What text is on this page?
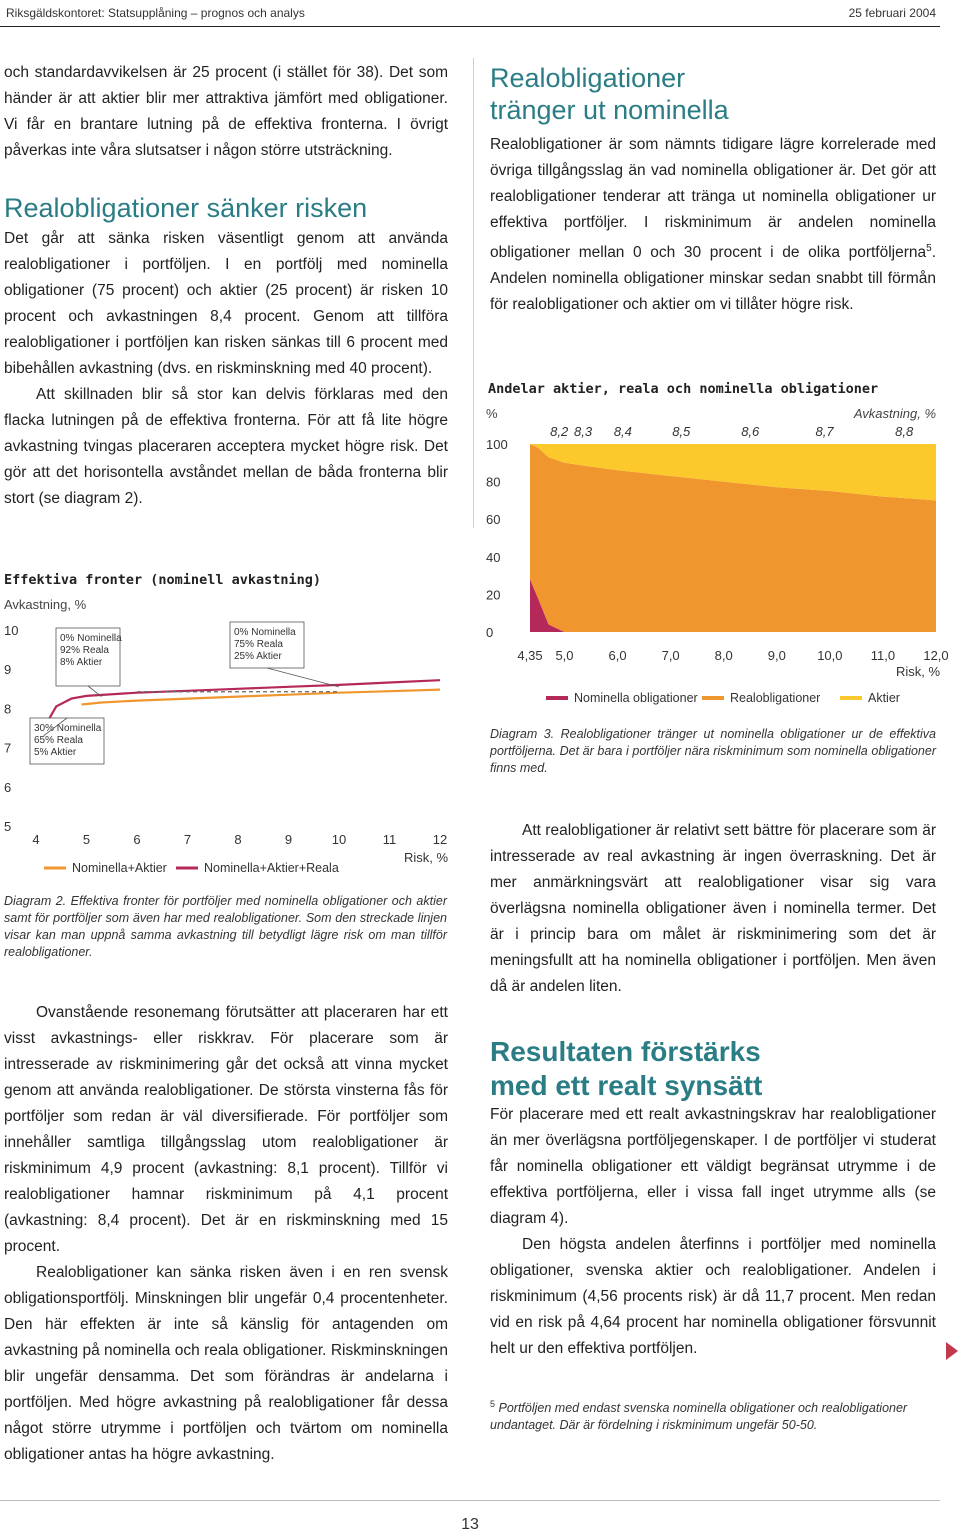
Riksgäldskontoret: Statsupplåning – prognos och analys	25 februari 2004

och standardavvikelsen är 25 procent (i stället för 38). Det som händer är att aktier blir mer attraktiva jämfört med obligationer. Vi får en brantare lutning på de effektiva fronterna. I övrigt påverkas inte våra slutsatser i någon större utsträckning.

Realobligationer sänker risken

Det går att sänka risken väsentligt genom att använda realobligationer i portföljen. I en portfölj med nominella obligationer (75 procent) och aktier (25 procent) är risken 10 procent och avkastningen 8,4 procent. Genom att tillföra realobligationer i portföljen kan risken sänkas till 6 procent med bibehållen avkastning (dvs. en riskminskning med 40 procent).

Att skillnaden blir så stor kan delvis förklaras med den flacka lutningen på de effektiva fronterna. För att få lite högre avkastning tvingas placeraren acceptera mycket högre risk. Det gör att det horisontella avståndet mellan de båda fronterna blir stort (se diagram 2).

Effektiva fronter (nominell avkastning)
Avkastning, %
5
6
7
8
9
10
4	5	6	7	8	9	10	11	12
Risk, %
0% Nominella
92% Reala
8% Aktier
0% Nominella
75% Reala
25% Aktier
30% Nominella
65% Reala
5% Aktier
Nominella+Aktier	Nominella+Aktier+Reala
Diagram 2. Effektiva fronter för portföljer med nominella obligationer och aktier samt för portföljer som även har med realobligationer. Som den streckade linjen visar kan man uppnå samma avkastning till betydligt lägre risk om man tillför realobligationer.

Ovanstående resonemang förutsätter att placeraren har ett visst avkastnings- eller riskkrav. För placerare som är intresserade av riskminimering går det också att vinna mycket genom att använda realobligationer. De största vinsterna fås för portföljer som redan är väl diversifierade. För portföljer som innehåller samtliga tillgångsslag utom realobligationer är riskminimum 4,9 procent (avkastning: 8,1 procent). Tillför vi realobligationer hamnar riskminimum på 4,1 procent (avkastning: 8,4 procent). Det är en riskminskning med 15 procent.

Realobligationer kan sänka risken även i en ren svensk obligationsportfölj. Minskningen blir ungefär 0,4 procentenheter. Den här effekten är inte så känslig för antagenden om avkastning på nominella och reala obligationer. Riskminskningen blir ungefär densamma. Det som förändras är andelarna i portföljen. Med högre avkastning på realobligationer får dessa något större utrymme i portföljen och tvärtom om nominella obligationer antas ha högre avkastning.

Realobligationer
tränger ut nominella

Realobligationer är som nämnts tidigare lägre korrelerade med övriga tillgångsslag än vad nominella obligationer är. Det gör att realobligationer tenderar att tränga ut nominella obligationer ur effektiva portföljer. I riskminimum är andelen nominella obligationer mellan 0 och 30 procent i de olika portföljerna$^5$. Andelen nominella obligationer minskar sedan snabbt till förmån för realobligationer och aktier om vi tillåter högre risk.

Andelar aktier, reala och nominella obligationer
%	Avkastning, %
0
20
40
60
80
100
4,35 5,0	6,0	7,0	8,0	9,0 10,0 11,0 12,0
Risk, %
8,2 8,3 8,4	8,5	8,6	8,7	8,8
Nominella obligationer	Realobligationer	Aktier
Diagram 3. Realobligationer tränger ut nominella obligationer ur de effektiva portföljerna. Det är bara i portföljer nära riskminimum som nominella obligationer finns med.

Att realobligationer är relativt sett bättre för placerare som är intresserade av real avkastning är ingen överraskning. Det är mer anmärkningsvärt att realobligationer visar sig vara överlägsna nominella obligationer även i nominella termer. Det är i princip bara om målet är riskminimering som det är meningsfullt att ha nominella obligationer i portföljen. Men även då är andelen liten.

Resultaten förstärks
med ett realt synsätt

För placerare med ett realt avkastningskrav har realobligationer än mer överlägsna portföljegenskaper. I de portföljer vi studerat får nominella obligationer ett väldigt begränsat utrymme i de effektiva portföljerna, eller i vissa fall inget utrymme alls (se diagram 4).

Den högsta andelen återfinns i portföljer med nominella obligationer, svenska aktier och realobligationer. Andelen i riskminimum (4,56 procents risk) är då 11,7 procent. Men redan vid en risk på 4,64 procent har nominella obligationer försvunnit helt ur den effektiva portföljen.

$^5$ Portföljen med endast svenska nominella obligationer och realobligationer undantaget. Där är fördelning i riskminimum ungefär 50-50.
13
